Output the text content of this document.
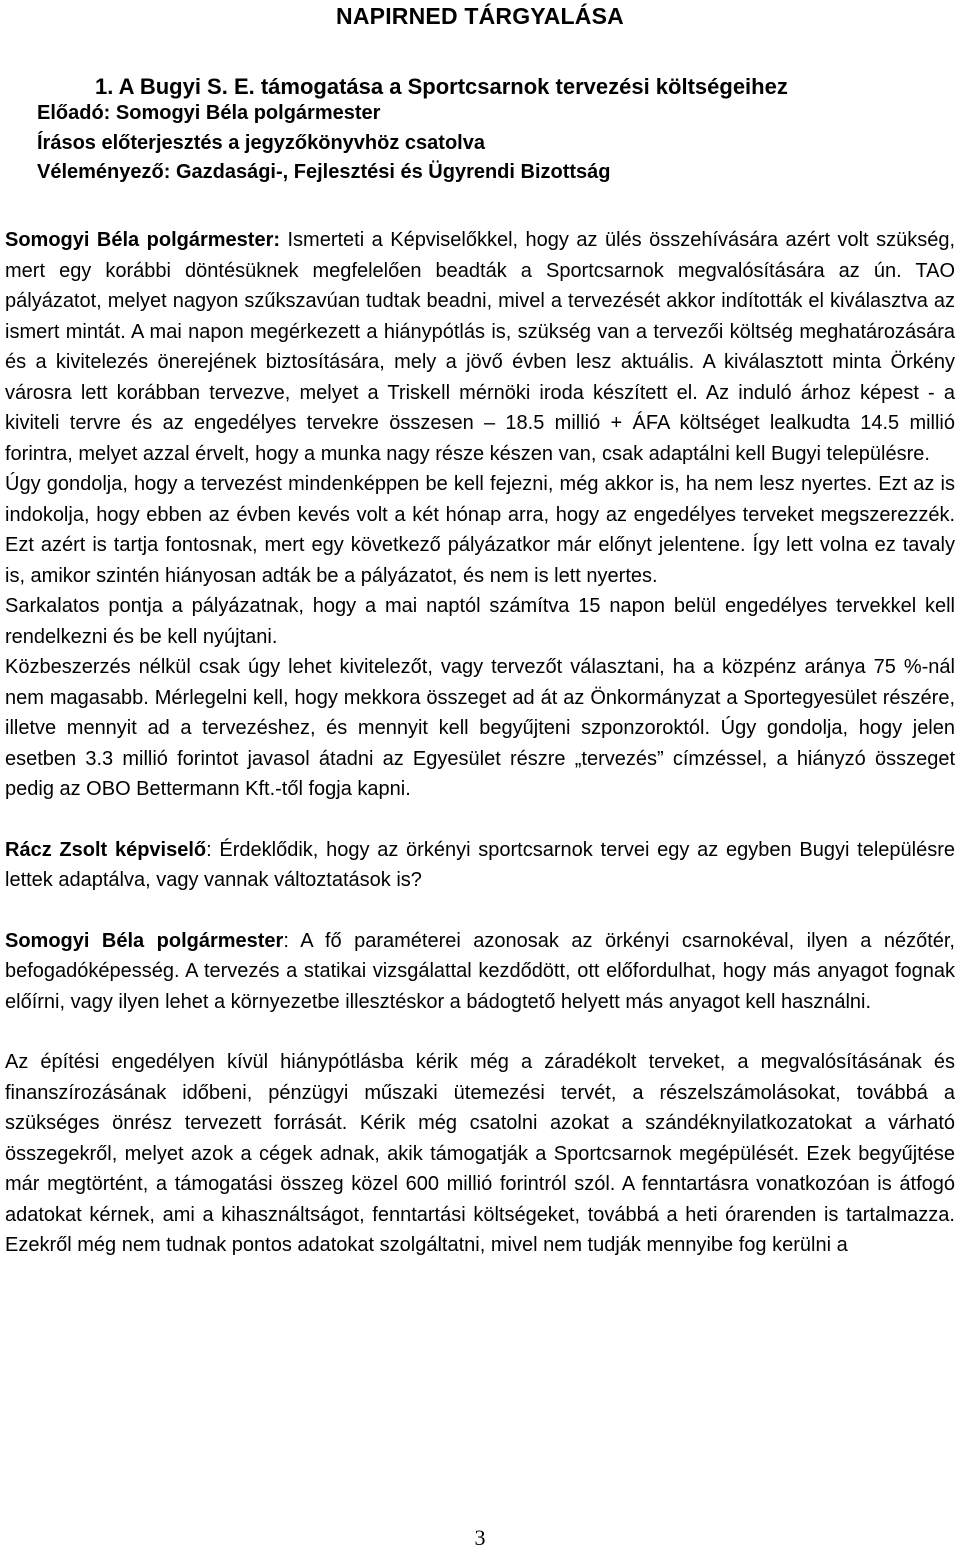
NAPIRNED TÁRGYALÁSA
1. A Bugyi S. E. támogatása a Sportcsarnok tervezési költségeihez
Előadó: Somogyi Béla polgármester
Írásos előterjesztés a jegyzőkönyvhöz csatolva
Véleményező: Gazdasági-, Fejlesztési és Ügyrendi Bizottság

Somogyi Béla polgármester: Ismerteti a Képviselőkkel, hogy az ülés összehívására azért volt szükség, mert egy korábbi döntésüknek megfelelően beadták a Sportcsarnok megvalósítására az ún. TAO pályázatot, melyet nagyon szűkszavúan tudtak beadni, mivel a tervezését akkor indították el kiválasztva az ismert mintát. A mai napon megérkezett a hiánypótlás is, szükség van a tervezői költség meghatározására és a kivitelezés önerejének biztosítására, mely a jövő évben lesz aktuális. A kiválasztott minta Örkény városra lett korábban tervezve, melyet a Triskell mérnöki iroda készített el. Az induló árhoz képest - a kiviteli tervre és az engedélyes tervekre összesen – 18.5 millió + ÁFA költséget lealkudta 14.5 millió forintra, melyet azzal érvelt, hogy a munka nagy része készen van, csak adaptálni kell Bugyi településre.

Úgy gondolja, hogy a tervezést mindenképpen be kell fejezni, még akkor is, ha nem lesz nyertes. Ezt az is indokolja, hogy ebben az évben kevés volt a két hónap arra, hogy az engedélyes terveket megszerezzék. Ezt azért is tartja fontosnak, mert egy következő pályázatkor már előnyt jelentene. Így lett volna ez tavaly is, amikor szintén hiányosan adták be a pályázatot, és nem is lett nyertes.

Sarkalatos pontja a pályázatnak, hogy a mai naptól számítva 15 napon belül engedélyes tervekkel kell rendelkezni és be kell nyújtani.

Közbeszerzés nélkül csak úgy lehet kivitelezőt, vagy tervezőt választani, ha a közpénz aránya 75 %-nál nem magasabb. Mérlegelni kell, hogy mekkora összeget ad át az Önkormányzat a Sportegyesület részére, illetve mennyit ad a tervezéshez, és mennyit kell begyűjteni szponzoroktól. Úgy gondolja, hogy jelen esetben 3.3 millió forintot javasol átadni az Egyesület részre „tervezés” címzéssel, a hiányzó összeget pedig az OBO Bettermann Kft.-től fogja kapni.

Rácz Zsolt képviselő: Érdeklődik, hogy az örkényi sportcsarnok tervei egy az egyben Bugyi településre lettek adaptálva, vagy vannak változtatások is?

Somogyi Béla polgármester: A fő paraméterei azonosak az örkényi csarnokéval, ilyen a nézőtér, befogadóképesség. A tervezés a statikai vizsgálattal kezdődött, ott előfordulhat, hogy más anyagot fognak előírni, vagy ilyen lehet a környezetbe illesztéskor a bádogtető helyett más anyagot kell használni.

Az építési engedélyen kívül hiánypótlásba kérik még a záradékolt terveket, a megvalósításának és finanszírozásának időbeni, pénzügyi műszaki ütemezési tervét, a részelszámolásokat, továbbá a szükséges önrész tervezett forrását. Kérik még csatolni azokat a szándéknyilatkozatokat a várható összegekről, melyet azok a cégek adnak, akik támogatják a Sportcsarnok megépülését. Ezek begyűjtése már megtörtént, a támogatási összeg közel 600 millió forintról szól. A fenntartásra vonatkozóan is átfogó adatokat kérnek, ami a kihasználtságot, fenntartási költségeket, továbbá a heti órarenden is tartalmazza. Ezekről még nem tudnak pontos adatokat szolgáltatni, mivel nem tudják mennyibe fog kerülni a

3
